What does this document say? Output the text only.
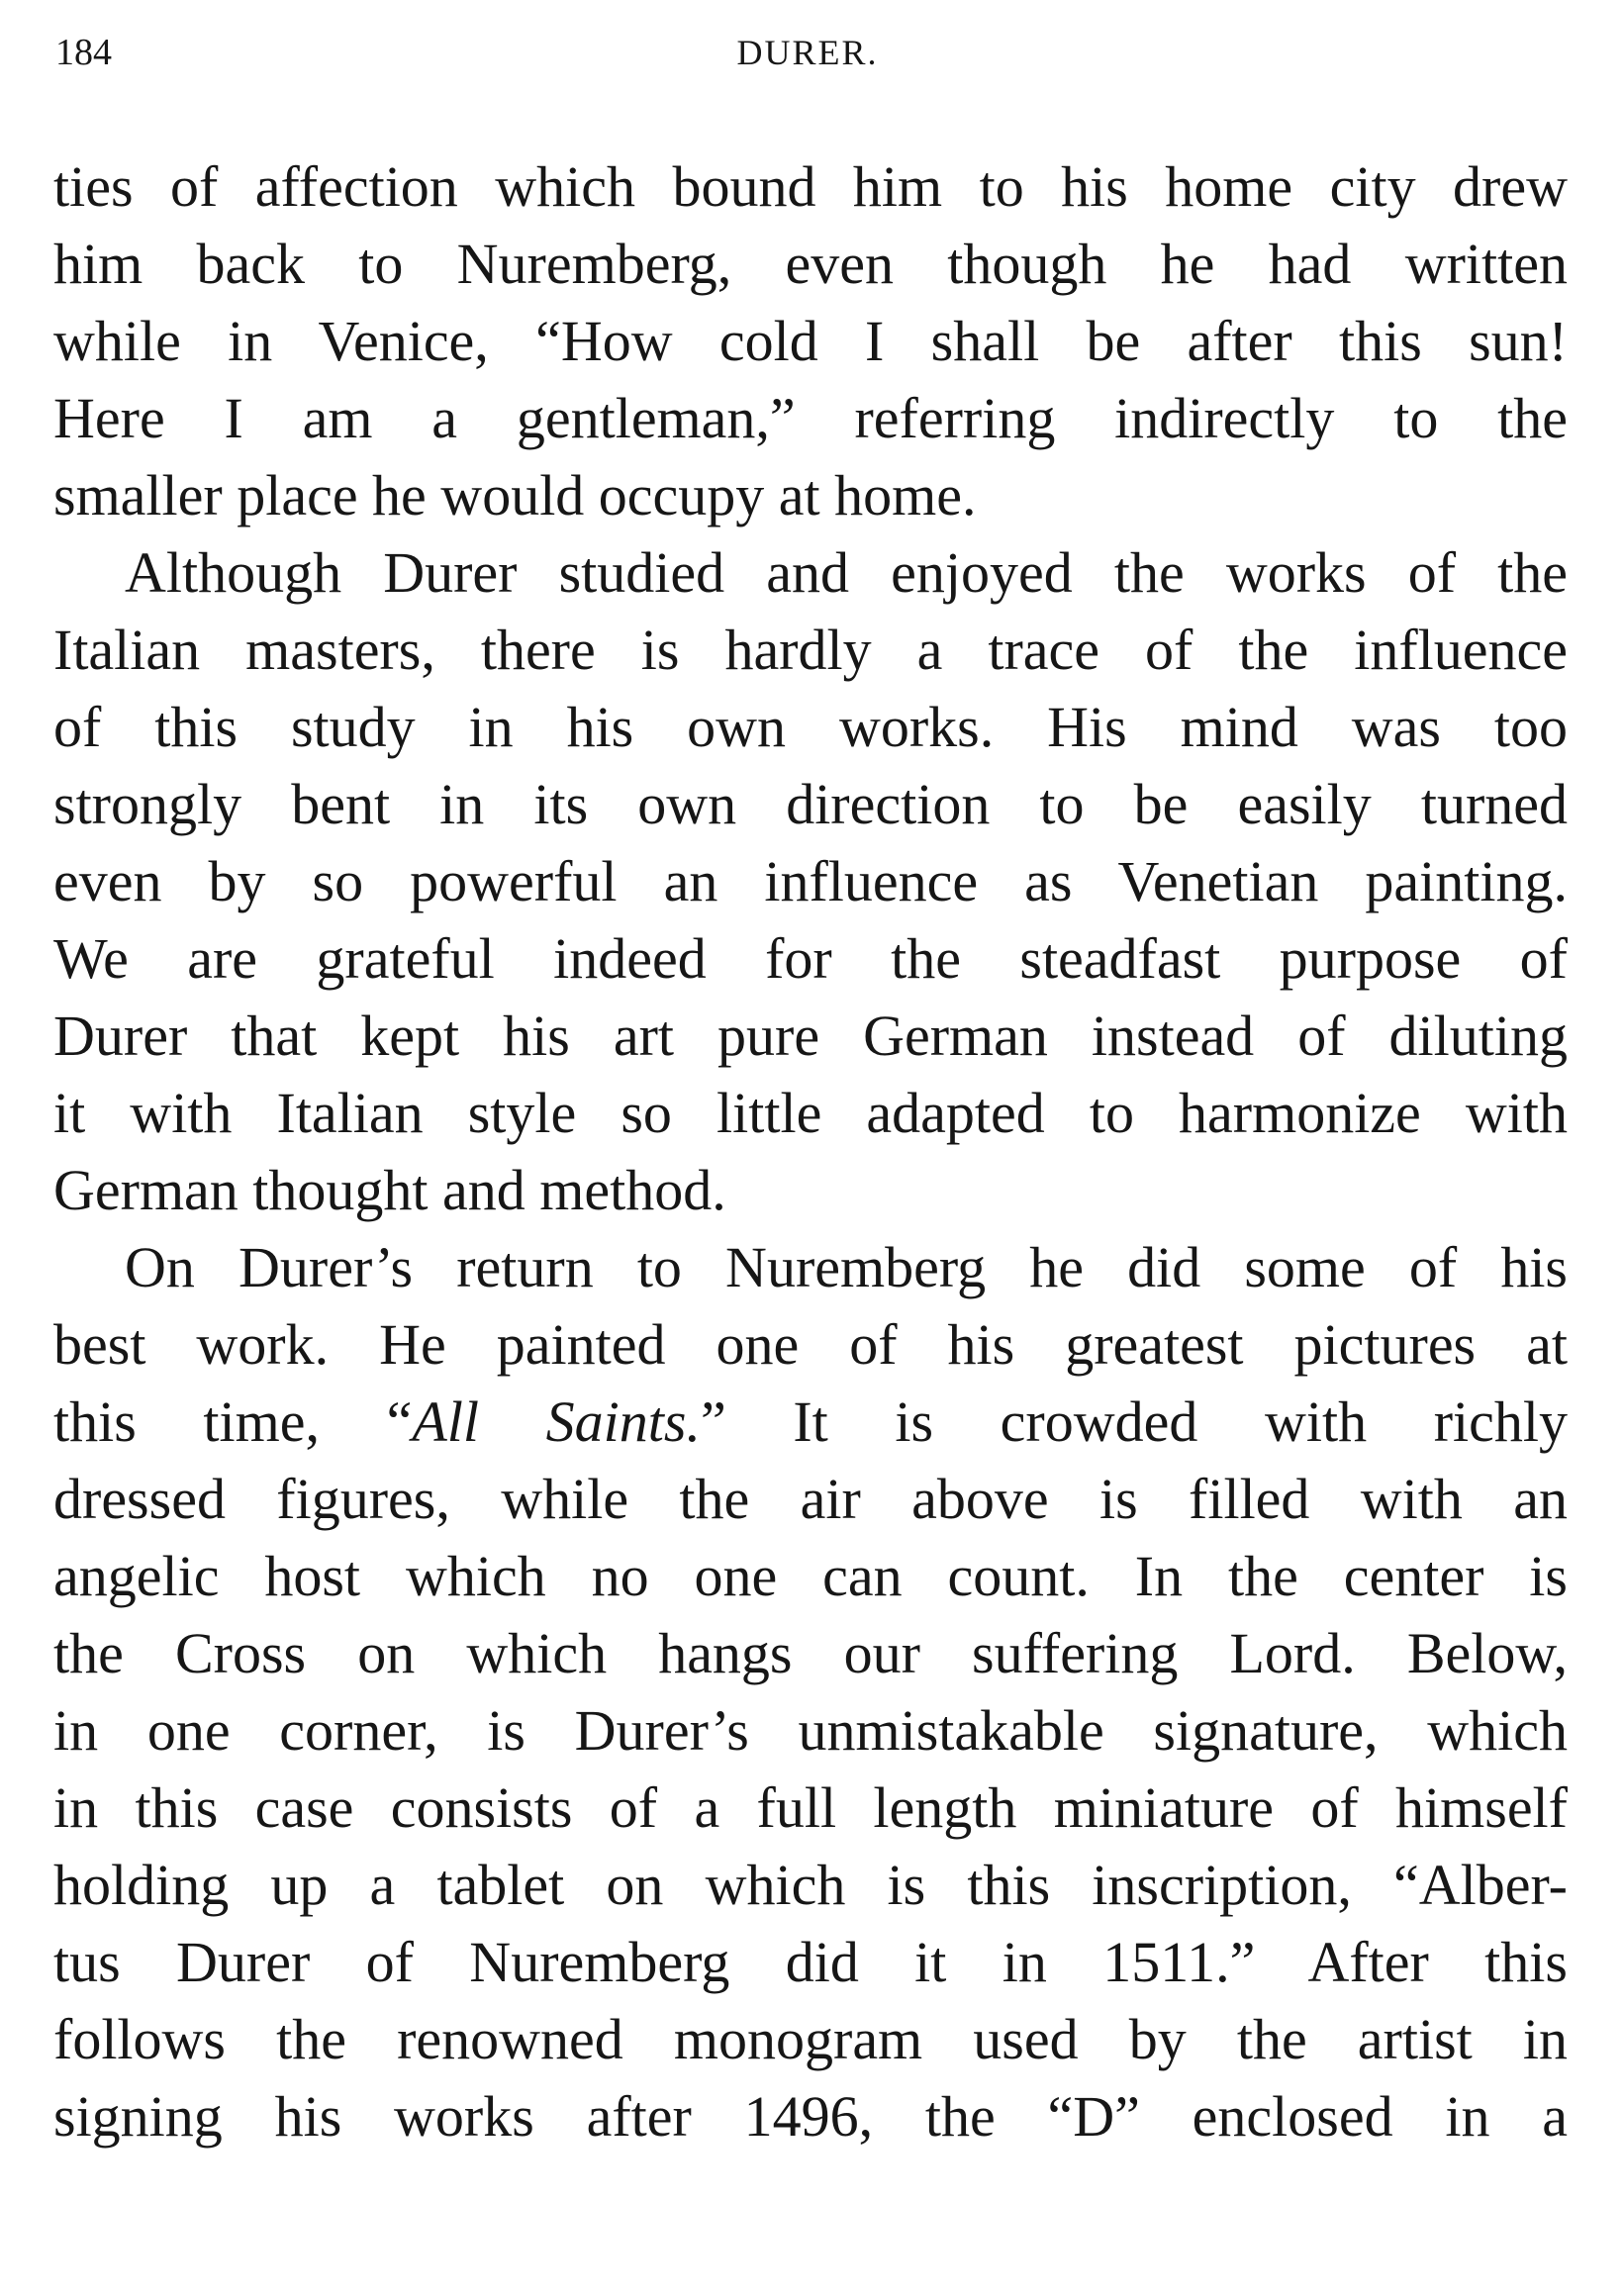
184	DURER.
ties of affection which bound him to his home city drew
him back to Nuremberg, even though he had written
while in Venice, “How cold I shall be after this sun!
Here I am a gentleman,” referring indirectly to the
smaller place he would occupy at home.
Although Durer studied and enjoyed the works of the
Italian masters, there is hardly a trace of the influence
of this study in his own works. His mind was too
strongly bent in its own direction to be easily turned
even by so powerful an influence as Venetian painting.
We are grateful indeed for the steadfast purpose of
Durer that kept his art pure German instead of diluting
it with Italian style so little adapted to harmonize with
German thought and method.
On Durer’s return to Nuremberg he did some of his
best work. He painted one of his greatest pictures at
this time, “All Saints.” It is crowded with richly
dressed figures, while the air above is filled with an
angelic host which no one can count. In the center is
the Cross on which hangs our suffering Lord. Below,
in one corner, is Durer’s unmistakable signature, which
in this case consists of a full length miniature of himself
holding up a tablet on which is this inscription, “Alber-
tus Durer of Nuremberg did it in 1511.” After this
follows the renowned monogram used by the artist in
signing his works after 1496, the “D” enclosed in a
